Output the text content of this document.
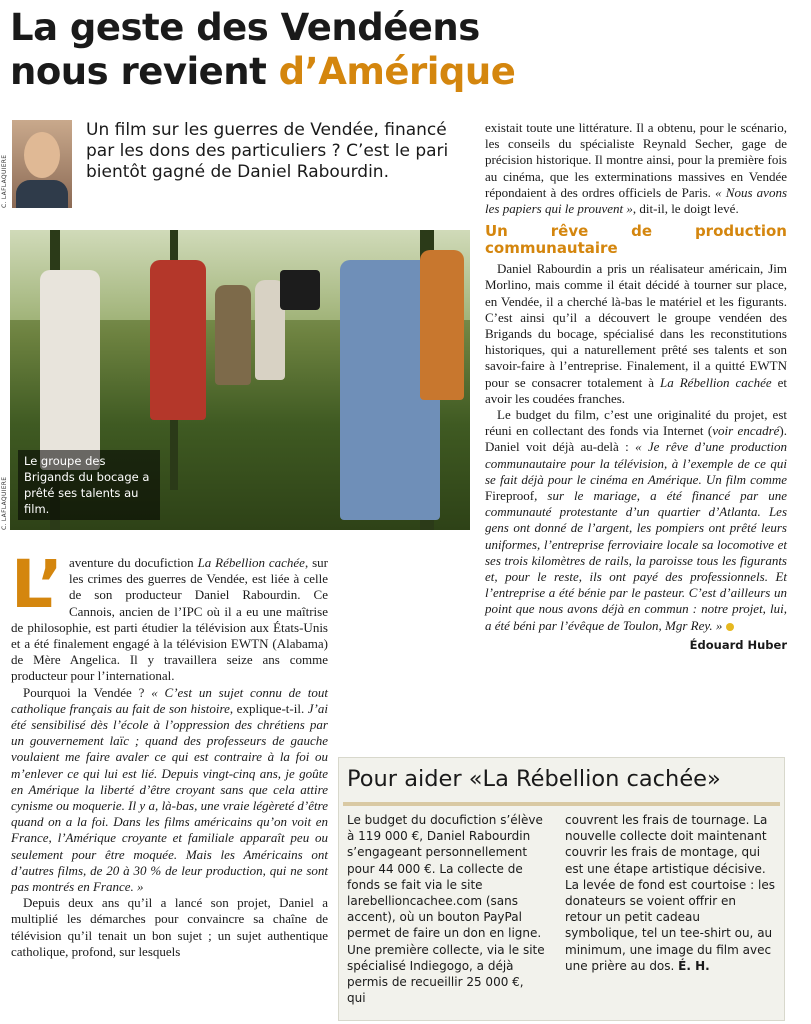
La geste des Vendéens
nous revient d’Amérique
C. LAFLAQUIERE
Un film sur les guerres de Vendée, financé par les dons des particuliers ? C’est le pari bientôt gagné de Daniel Rabourdin.
C. LAFLAQUIERE
Le groupe des Brigands du bocage a prêté ses talents au film.

L’ aventure du docufiction La Rébellion cachée, sur les crimes des guerres de Vendée, est liée à celle de son producteur Daniel Rabourdin. Ce Cannois, ancien de l’IPC où il a eu une maîtrise de philosophie, est parti étudier la télévision aux États-Unis et a été finalement engagé à la télévision EWTN (Alabama) de Mère Angelica. Il y travaillera seize ans comme producteur pour l’international.

Pourquoi la Vendée ? « C’est un sujet connu de tout catholique français au fait de son histoire, explique-t-il. J’ai été sensibilisé dès l’école à l’oppression des chrétiens par un gouvernement laïc ; quand des professeurs de gauche voulaient me faire avaler ce qui est contraire à la foi ou m’enlever ce qui lui est lié. Depuis vingt-cinq ans, je goûte en Amérique la liberté d’être croyant sans que cela attire cynisme ou moquerie. Il y a, là-bas, une vraie légèreté d’être quand on a la foi. Dans les films américains qu’on voit en France, l’Amérique croyante et familiale apparaît peu ou seulement pour être moquée. Mais les Américains ont d’autres films, de 20 à 30 % de leur production, qui ne sont pas montrés en France. »

Depuis deux ans qu’il a lancé son projet, Daniel a multiplié les démarches pour convaincre sa chaîne de télévision qu’il tenait un bon sujet ; un sujet authentique catholique, profond, sur lesquels

existait toute une littérature. Il a obtenu, pour le scénario, les conseils du spécialiste Reynald Secher, gage de précision historique. Il montre ainsi, pour la première fois au cinéma, que les exterminations massives en Vendée répondaient à des ordres officiels de Paris. « Nous avons les papiers qui le prouvent », dit-il, le doigt levé.

Un rêve de production communautaire

Daniel Rabourdin a pris un réalisateur américain, Jim Morlino, mais comme il était décidé à tourner sur place, en Vendée, il a cherché là-bas le matériel et les figurants. C’est ainsi qu’il a découvert le groupe vendéen des Brigands du bocage, spécialisé dans les reconstitutions historiques, qui a naturellement prêté ses talents et son savoir-faire à l’entreprise. Finalement, il a quitté EWTN pour se consacrer totalement à La Rébellion cachée et avoir les coudées franches.

Le budget du film, c’est une originalité du projet, est réuni en collectant des fonds via Internet (voir encadré). Daniel voit déjà au-delà : « Je rêve d’une production communautaire pour la télévision, à l’exemple de ce qui se fait déjà pour le cinéma en Amérique. Un film comme Fireproof, sur le mariage, a été financé par une communauté protestante d’un quartier d’Atlanta. Les gens ont donné de l’argent, les pompiers ont prêté leurs uniformes, l’entreprise ferroviaire locale sa locomotive et ses trois kilomètres de rails, la paroisse tous les figurants et, pour le reste, ils ont payé des professionnels. Et l’entreprise a été bénie par le pasteur. C’est d’ailleurs un point que nous avons déjà en commun : notre projet, lui, a été béni par l’évêque de Toulon, Mgr Rey. »

Édouard Huber
Pour aider «La Rébellion cachée»
Le budget du docufiction s’élève à 119 000 €, Daniel Rabourdin s’engageant personnellement pour 44 000 €. La collecte de fonds se fait via le site larebellioncachee.com (sans accent), où un bouton PayPal permet de faire un don en ligne. Une première collecte, via le site spécialisé Indiegogo, a déjà permis de recueillir 25 000 €, qui
couvrent les frais de tournage. La nouvelle collecte doit maintenant couvrir les frais de montage, qui est une étape artistique décisive. La levée de fond est courtoise : les donateurs se voient offrir en retour un petit cadeau symbolique, tel un tee-shirt ou, au minimum, une image du film avec une prière au dos. É. H.
